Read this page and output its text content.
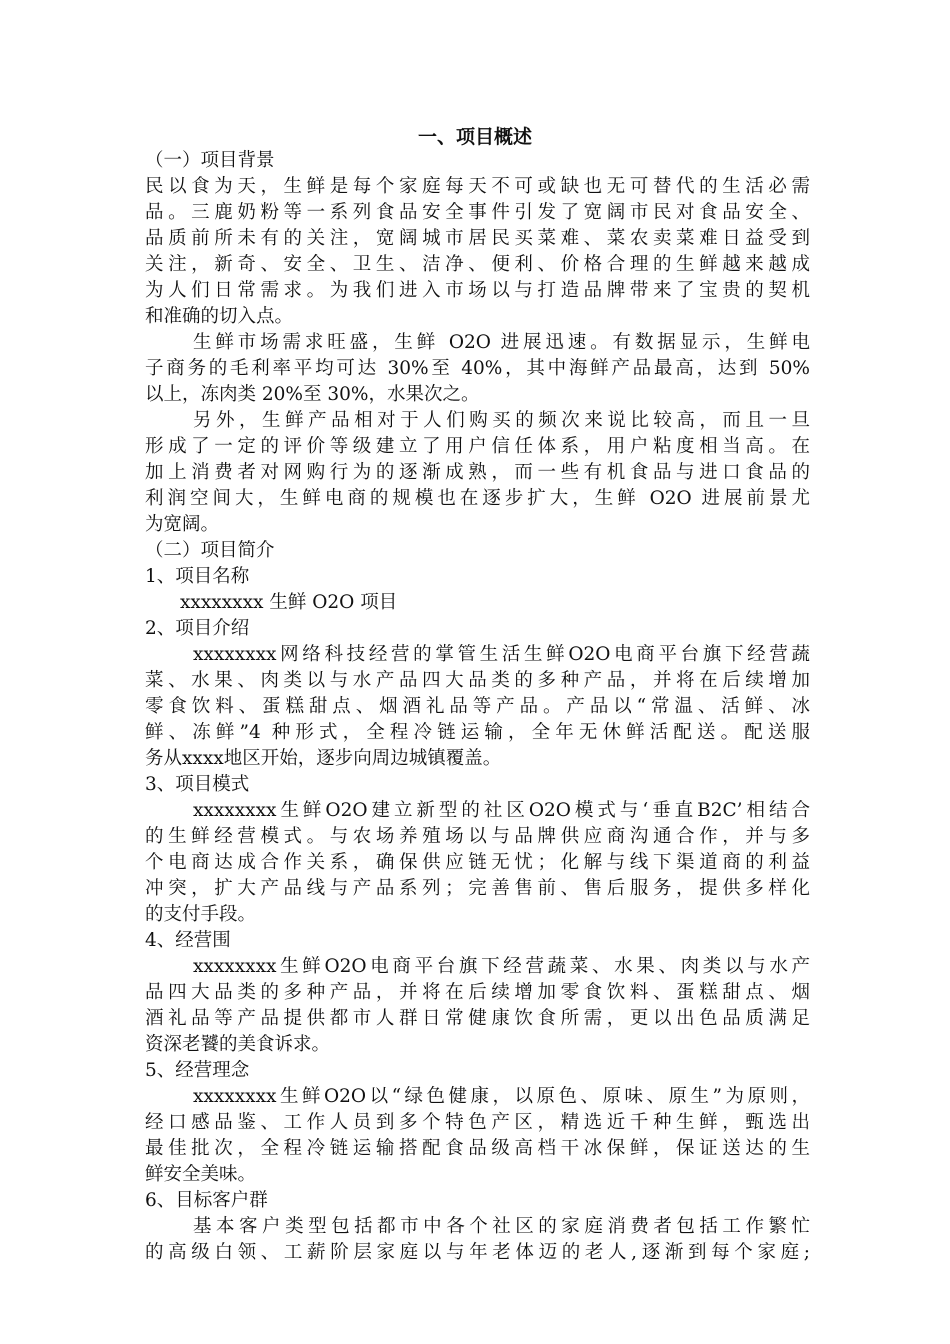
一、项目概述
（一）项目背景
民以食为天，生鲜是每个家庭每天不可或缺也无可替代的生活必需
品。三鹿奶粉等一系列食品安全事件引发了宽阔市民对食品安全、
品质前所未有的关注，宽阔城市居民买菜难、菜农卖菜难日益受到
关注，新奇、安全、卫生、洁净、便利、价格合理的生鲜越来越成
为人们日常需求。为我们进入市场以与打造品牌带来了宝贵的契机
和准确的切入点。
生鲜市场需求旺盛，生鲜 O2O 进展迅速。有数据显示，生鲜电
子商务的毛利率平均可达 30%至 40%，其中海鲜产品最高，达到 50%
以上，冻肉类 20%至 30%，水果次之。
另外，生鲜产品相对于人们购买的频次来说比较高，而且一旦
形成了一定的评价等级建立了用户信任体系，用户粘度相当高。在
加上消费者对网购行为的逐渐成熟，而一些有机食品与进口食品的
利润空间大，生鲜电商的规模也在逐步扩大，生鲜 O2O 进展前景尤
为宽阔。
（二）项目简介
1、项目名称
xxxxxxxx 生鲜 O2O 项目
2、项目介绍
xxxxxxxx网络科技经营的掌管生活生鲜O2O电商平台旗下经营蔬
菜、水果、肉类以与水产品四大品类的多种产品，并将在后续增加
零食饮料、蛋糕甜点、烟酒礼品等产品。产品以“常温、活鲜、冰
鲜、冻鲜”4 种形式，全程冷链运输，全年无休鲜活配送。配送服
务从xxxx地区开始，逐步向周边城镇覆盖。
3、项目模式
xxxxxxxx生鲜O2O建立新型的社区O2O模式与‘垂直B2C’相结合
的生鲜经营模式。与农场养殖场以与品牌供应商沟通合作，并与多
个电商达成合作关系，确保供应链无忧；化解与线下渠道商的利益
冲突，扩大产品线与产品系列；完善售前、售后服务，提供多样化
的支付手段。
4、经营围
xxxxxxxx生鲜O2O电商平台旗下经营蔬菜、水果、肉类以与水产
品四大品类的多种产品，并将在后续增加零食饮料、蛋糕甜点、烟
酒礼品等产品提供都市人群日常健康饮食所需，更以出色品质满足
资深老饕的美食诉求。
5、经营理念
xxxxxxxx生鲜O2O以“绿色健康，以原色、原味、原生”为原则，
经口感品鉴、工作人员到多个特色产区，精选近千种生鲜，甄选出
最佳批次，全程冷链运输搭配食品级高档干冰保鲜，保证送达的生
鲜安全美味。
6、目标客户群
基本客户类型包括都市中各个社区的家庭消费者包括工作繁忙
的高级白领、工薪阶层家庭以与年老体迈的老人,逐渐到每个家庭;
